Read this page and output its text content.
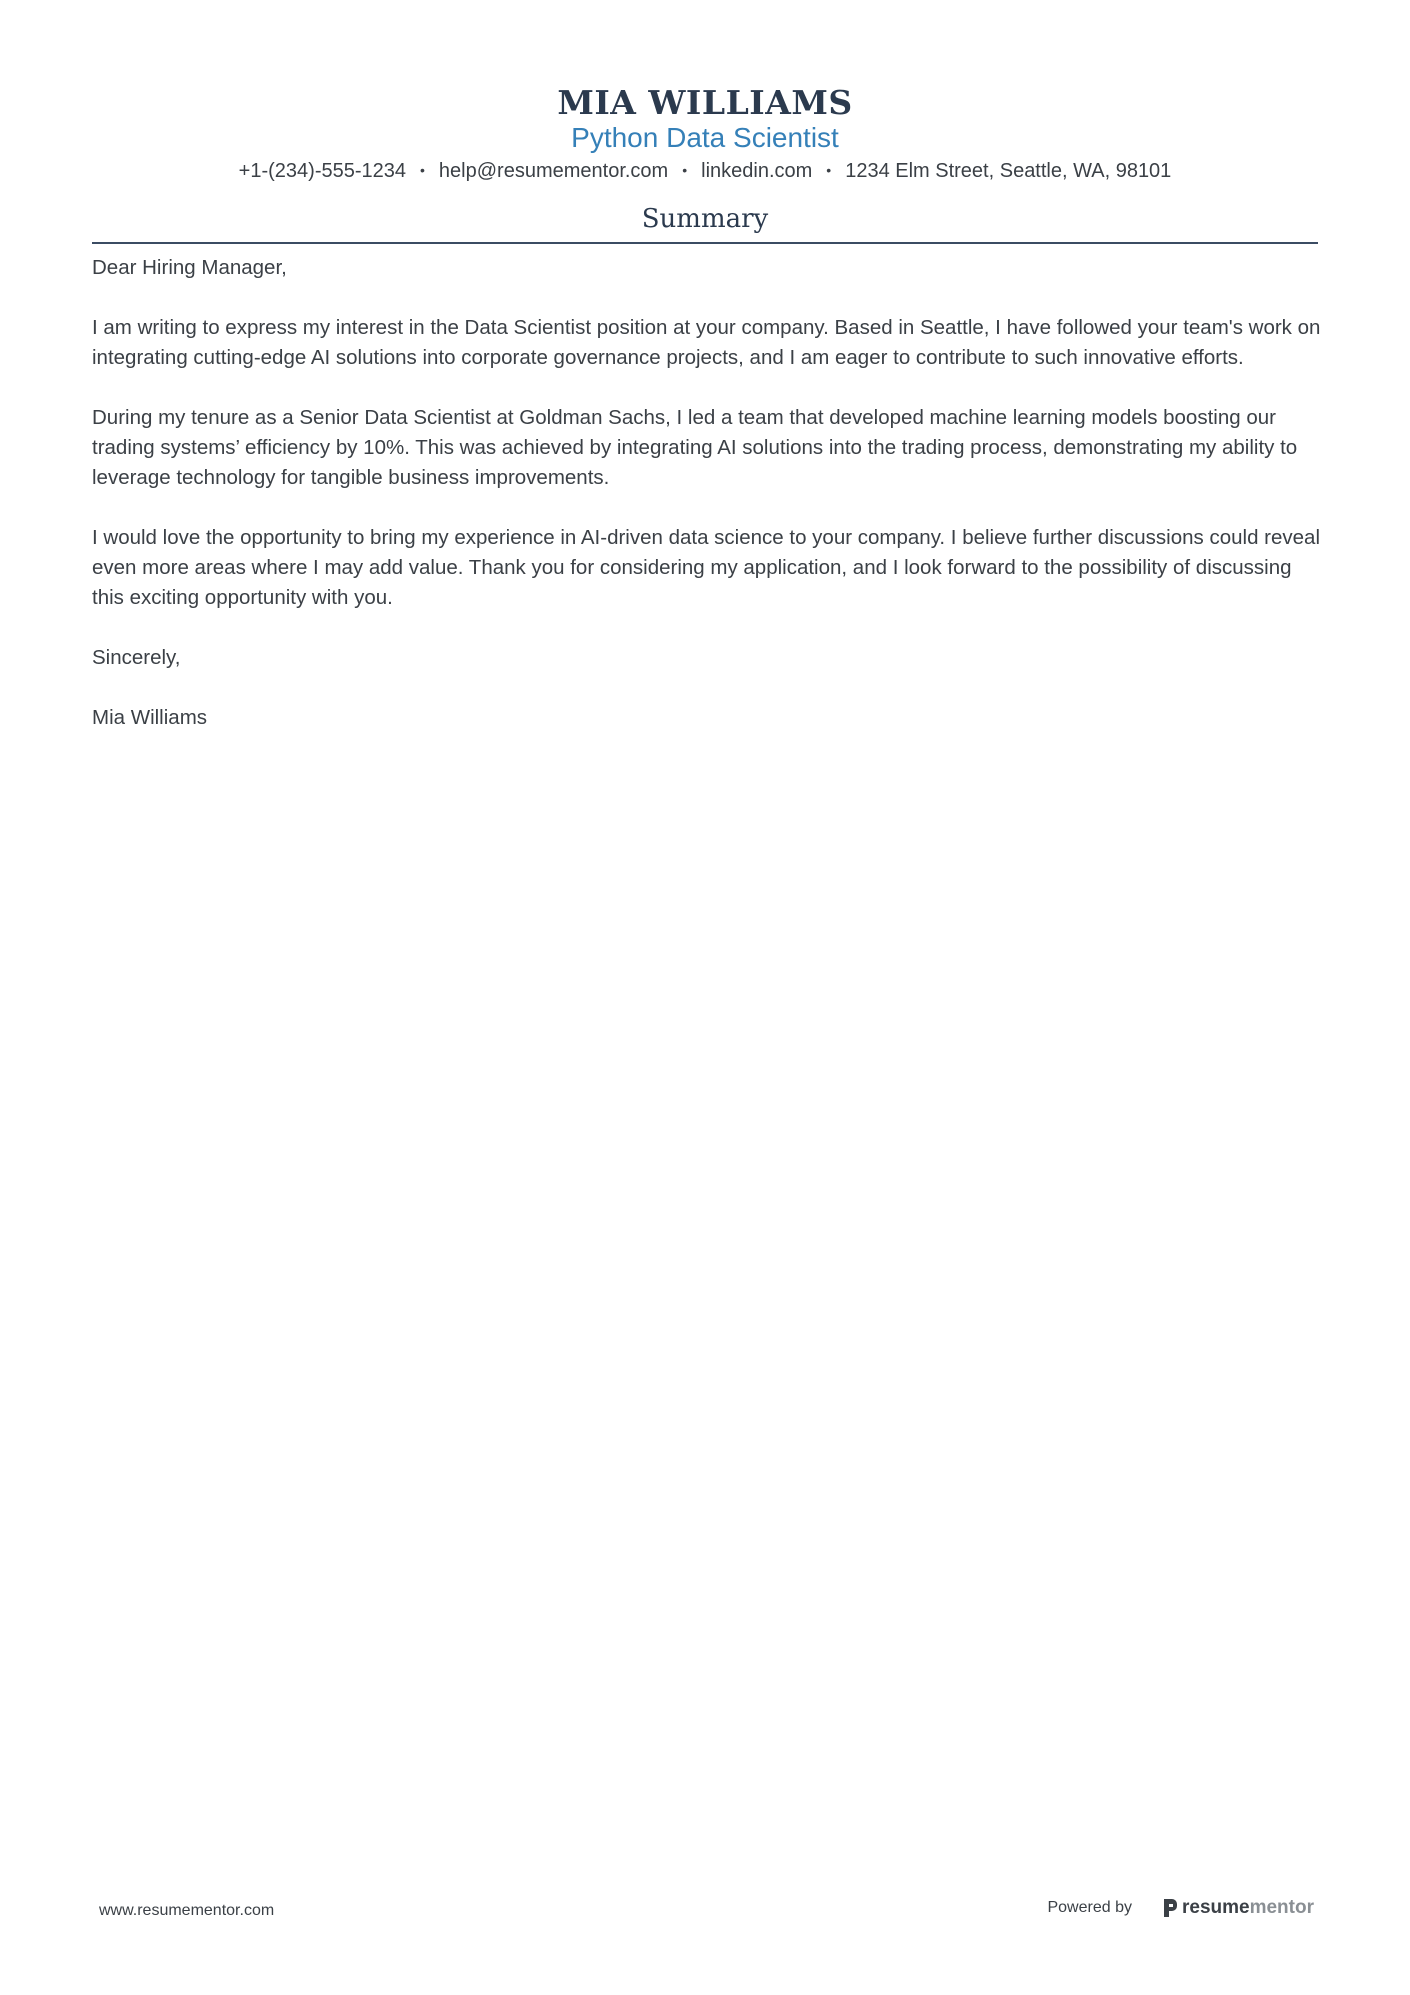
MIA WILLIAMS
Python Data Scientist
+1-(234)-555-1234 • help@resumementor.com • linkedin.com • 1234 Elm Street, Seattle, WA, 98101
Summary

Dear Hiring Manager,

I am writing to express my interest in the Data Scientist position at your company. Based in Seattle, I have followed your team's work on integrating cutting-edge AI solutions into corporate governance projects, and I am eager to contribute to such innovative efforts.

During my tenure as a Senior Data Scientist at Goldman Sachs, I led a team that developed machine learning models boosting our trading systems’ efficiency by 10%. This was achieved by integrating AI solutions into the trading process, demonstrating my ability to leverage technology for tangible business improvements.

I would love the opportunity to bring my experience in AI-driven data science to your company. I believe further discussions could reveal even more areas where I may add value. Thank you for considering my application, and I look forward to the possibility of discussing this exciting opportunity with you.

Sincerely,

Mia Williams

www.resumementor.com	Powered by	resume mentor
